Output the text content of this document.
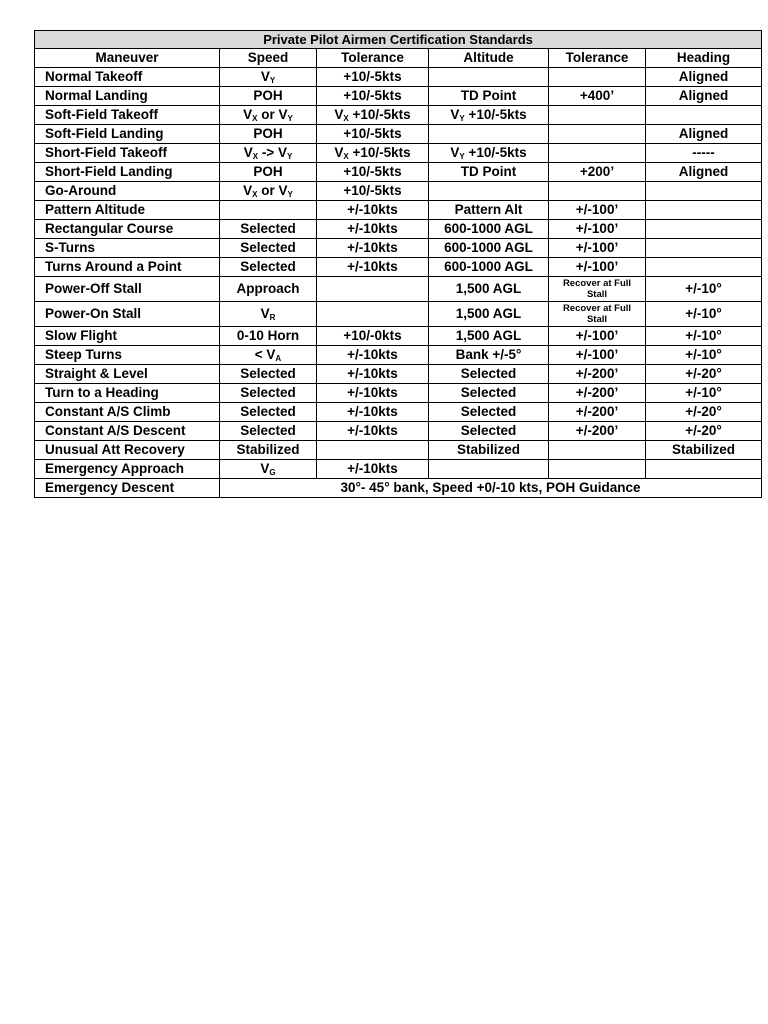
Private Pilot Airmen Certification Standards					
Maneuver	Speed	Tolerance	Altitude	Tolerance	Heading
Normal Takeoff	$V_Y$	+10/-5kts			Aligned
Normal Landing	POH	+10/-5kts	TD Point	+400’	Aligned
Soft-Field Takeoff	$V_X$ or $V_Y$	$V_X +10/-5kts$	$V_Y +10/-5kts$		
Soft-Field Landing	POH	+10/-5kts			Aligned
Short-Field Takeoff	$V_X -> V_Y$	$V_X +10/-5kts$	$V_Y +10/-5kts$		-----
Short-Field Landing	POH	+10/-5kts	TD Point	+200’	Aligned
Go-Around	$V_X$ or $V_Y$	+10/-5kts			
Pattern Altitude		+/-10kts	Pattern Alt	+/-100’	
Rectangular Course	Selected	+/-10kts	600-1000 AGL	+/-100’	
S-Turns	Selected	+/-10kts	600-1000 AGL	+/-100’	
Turns Around a Point	Selected	+/-10kts	600-1000 AGL	+/-100’	
Power-Off Stall	Approach		1,500 AGL	Recover at Full Stall	+/-10°
Power-On Stall	$V_R$		1,500 AGL	Recover at Full Stall	+/-10°
Slow Flight	0-10 Horn	+10/-0kts	1,500 AGL	+/-100’	+/-10°
Steep Turns	< $V_A$	+/-10kts	Bank +/-5°	+/-100’	+/-10°
Straight & Level	Selected	+/-10kts	Selected	+/-200’	+/-20°
Turn to a Heading	Selected	+/-10kts	Selected	+/-200’	+/-10°
Constant A/S Climb	Selected	+/-10kts	Selected	+/-200’	+/-20°
Constant A/S Descent	Selected	+/-10kts	Selected	+/-200’	+/-20°
Unusual Att Recovery	Stabilized		Stabilized		Stabilized
Emergency Approach	$V_G$	+/-10kts			
Emergency Descent	30°- 45° bank, Speed +0/-10 kts, POH Guidance				
